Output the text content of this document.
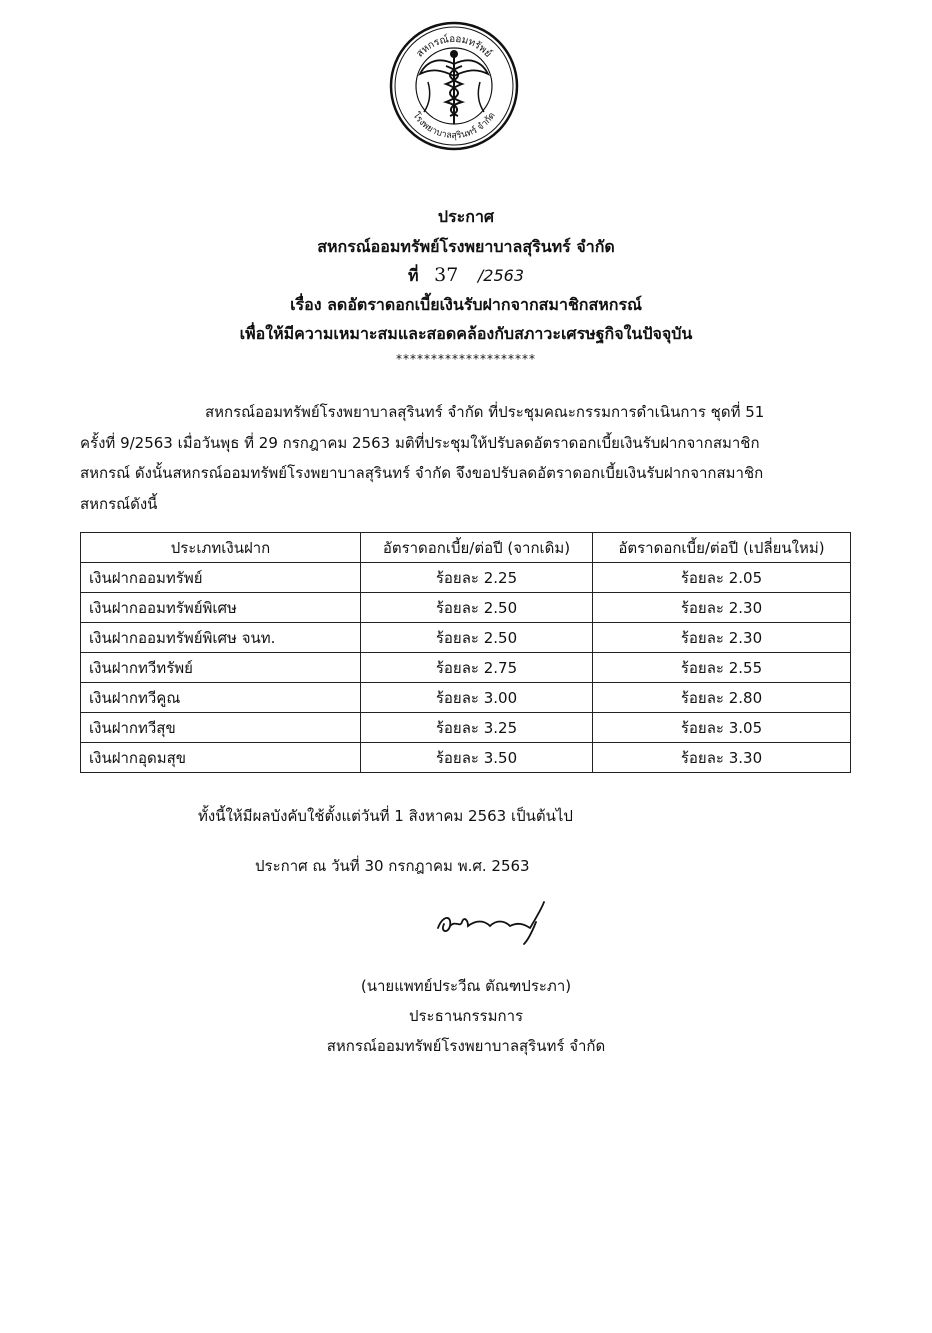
สหกรณ์ออมทรัพย์
โรงพยาบาลสุรินทร์ จำกัด
ประกาศ
สหกรณ์ออมทรัพย์โรงพยาบาลสุรินทร์ จำกัด
ที่ 37 /2563
เรื่อง ลดอัตราดอกเบี้ยเงินรับฝากจากสมาชิกสหกรณ์
เพื่อให้มีความเหมาะสมและสอดคล้องกับสภาวะเศรษฐกิจในปัจจุบัน
********************
สหกรณ์ออมทรัพย์โรงพยาบาลสุรินทร์ จำกัด ที่ประชุมคณะกรรมการดำเนินการ ชุดที่ 51
ครั้งที่ 9/2563 เมื่อวันพุธ ที่ 29 กรกฎาคม 2563 มติที่ประชุมให้ปรับลดอัตราดอกเบี้ยเงินรับฝากจากสมาชิก
สหกรณ์ ดังนั้นสหกรณ์ออมทรัพย์โรงพยาบาลสุรินทร์ จำกัด จึงขอปรับลดอัตราดอกเบี้ยเงินรับฝากจากสมาชิก
สหกรณ์ดังนี้
ประเภทเงินฝาก	อัตราดอกเบี้ย/ต่อปี (จากเดิม)	อัตราดอกเบี้ย/ต่อปี (เปลี่ยนใหม่)
เงินฝากออมทรัพย์	ร้อยละ 2.25	ร้อยละ 2.05
เงินฝากออมทรัพย์พิเศษ	ร้อยละ 2.50	ร้อยละ 2.30
เงินฝากออมทรัพย์พิเศษ จนท.	ร้อยละ 2.50	ร้อยละ 2.30
เงินฝากทวีทรัพย์	ร้อยละ 2.75	ร้อยละ 2.55
เงินฝากทวีคูณ	ร้อยละ 3.00	ร้อยละ 2.80
เงินฝากทวีสุข	ร้อยละ 3.25	ร้อยละ 3.05
เงินฝากอุดมสุข	ร้อยละ 3.50	ร้อยละ 3.30
ทั้งนี้ให้มีผลบังคับใช้ตั้งแต่วันที่ 1 สิงหาคม 2563 เป็นต้นไป
ประกาศ ณ วันที่ 30 กรกฎาคม พ.ศ. 2563
(นายแพทย์ประวีณ ตัณฑประภา)
ประธานกรรมการ
สหกรณ์ออมทรัพย์โรงพยาบาลสุรินทร์ จำกัด
